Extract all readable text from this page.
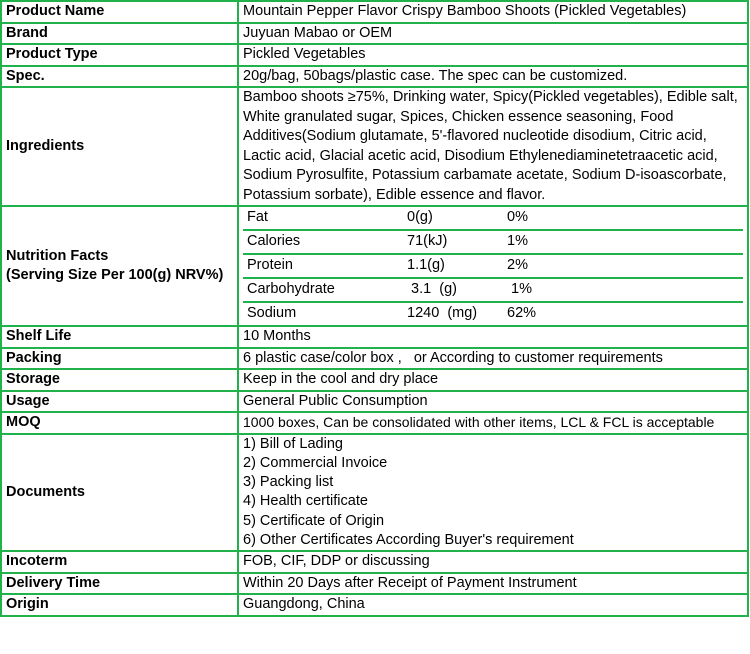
Product Name	Mountain Pepper Flavor Crispy Bamboo Shoots (Pickled Vegetables)
Brand	Juyuan Mabao or OEM
Product Type	Pickled Vegetables
Spec.	20g/bag, 50bags/plastic case. The spec can be customized.
Ingredients	Bamboo shoots ≥75%, Drinking water, Spicy(Pickled vegetables), Edible salt, White granulated sugar, Spices, Chicken essence seasoning, Food Additives(Sodium glutamate, 5'-flavored nucleotide disodium, Citric acid, Lactic acid, Glacial acetic acid, Disodium Ethylenediaminetetraacetic acid, Sodium Pyrosulfite, Potassium carbamate acetate, Sodium D-isoascorbate, Potassium sorbate), Edible essence and flavor.

Nutrition Facts
(Serving Size Per 100(g) NRV%)

Fat	0(g)	0%

Calories	71(kJ)	1%

Protein	1.1(g)	2%

Carbohydrate	3.1  (g)	1%

Sodium	1240  (mg)	62%

Shelf Life	10 Months
Packing	6 plastic case/color box ,   or According to customer requirements
Storage	Keep in the cool and dry place
Usage	General Public Consumption
MOQ	1000 boxes, Can be consolidated with other items, LCL & FCL is acceptable
Documents	
1) Bill of Lading
2) Commercial Invoice
3) Packing list
4) Health certificate
5) Certificate of Origin
6) Other Certificates According Buyer's requirement

Incoterm	FOB, CIF, DDP or discussing
Delivery Time	Within 20 Days after Receipt of Payment Instrument
Origin	Guangdong, China
